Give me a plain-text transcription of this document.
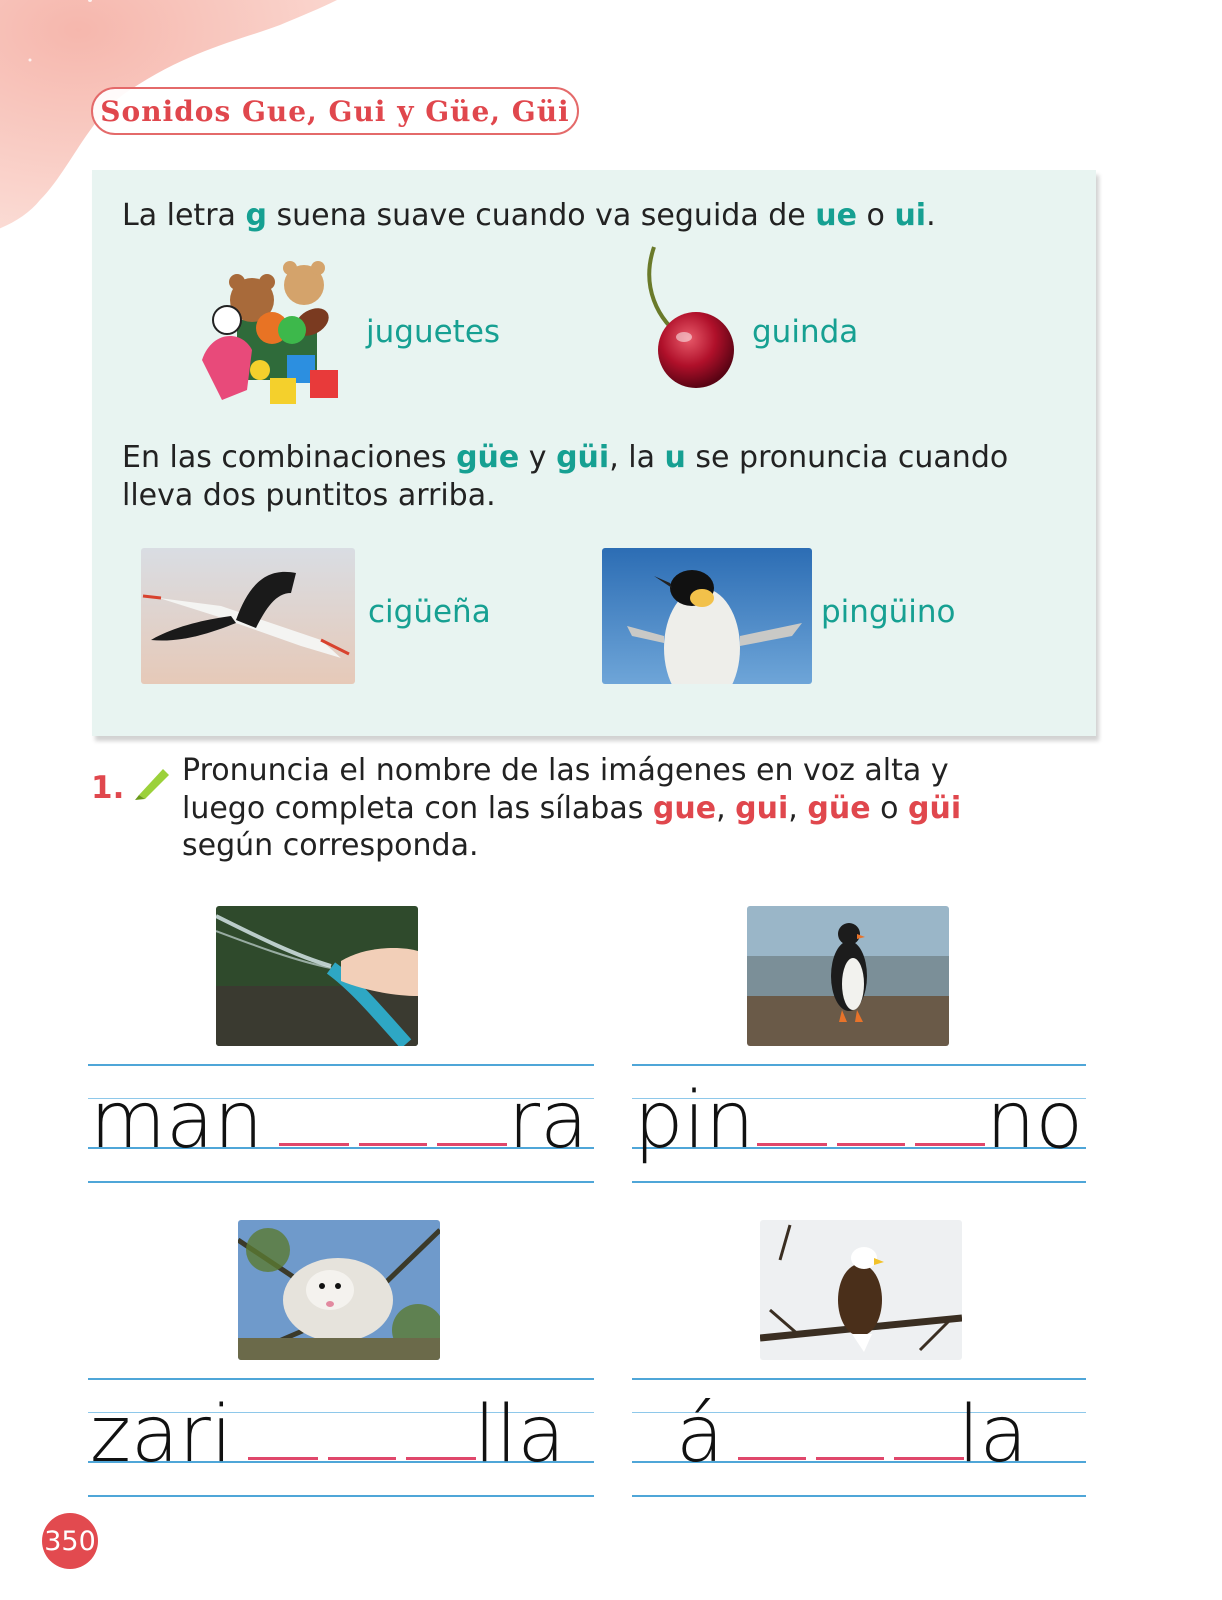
Sonidos Gue, Gui y Güe, Güi
La letra g suena suave cuando va seguida de ue o ui.
juguetes	guinda
En las combinaciones güe y güi, la u se pronuncia cuando
lleva dos puntitos arriba.
cigüeña	pingüino
1. Pronuncia el nombre de las imágenes en voz alta y
luego completa con las sílabas gue, gui, güe o güi
según corresponda.
man	ra pin	no
zari	lla á	la
350
